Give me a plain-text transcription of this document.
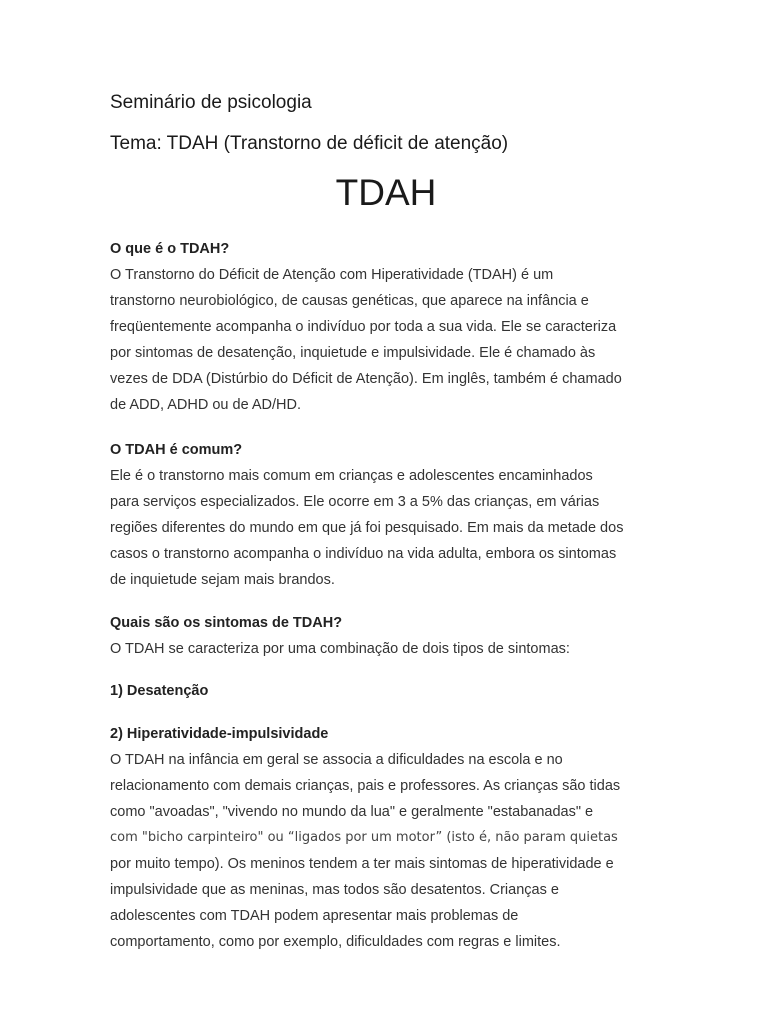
Seminário de psicologia
Tema: TDAH (Transtorno de déficit de atenção)
TDAH

O que é o TDAH?

O Transtorno do Déficit de Atenção com Hiperatividade (TDAH) é um

transtorno neurobiológico, de causas genéticas, que aparece na infância e

freqüentemente acompanha o indivíduo por toda a sua vida. Ele se caracteriza

por sintomas de desatenção, inquietude e impulsividade. Ele é chamado às

vezes de DDA (Distúrbio do Déficit de Atenção). Em inglês, também é chamado

de ADD, ADHD ou de AD/HD.

O TDAH é comum?

Ele é o transtorno mais comum em crianças e adolescentes encaminhados

para serviços especializados. Ele ocorre em 3 a 5% das crianças, em várias

regiões diferentes do mundo em que já foi pesquisado. Em mais da metade dos

casos o transtorno acompanha o indivíduo na vida adulta, embora os sintomas

de inquietude sejam mais brandos.

Quais são os sintomas de TDAH?

O TDAH se caracteriza por uma combinação de dois tipos de sintomas:

1) Desatenção

2) Hiperatividade-impulsividade

O TDAH na infância em geral se associa a dificuldades na escola e no

relacionamento com demais crianças, pais e professores. As crianças são tidas

como "avoadas", "vivendo no mundo da lua" e geralmente "estabanadas" e

com "bicho carpinteiro" ou “ligados por um motor” (isto é, não param quietas

por muito tempo). Os meninos tendem a ter mais sintomas de hiperatividade e

impulsividade que as meninas, mas todos são desatentos. Crianças e

adolescentes com TDAH podem apresentar mais problemas de

comportamento, como por exemplo, dificuldades com regras e limites.
